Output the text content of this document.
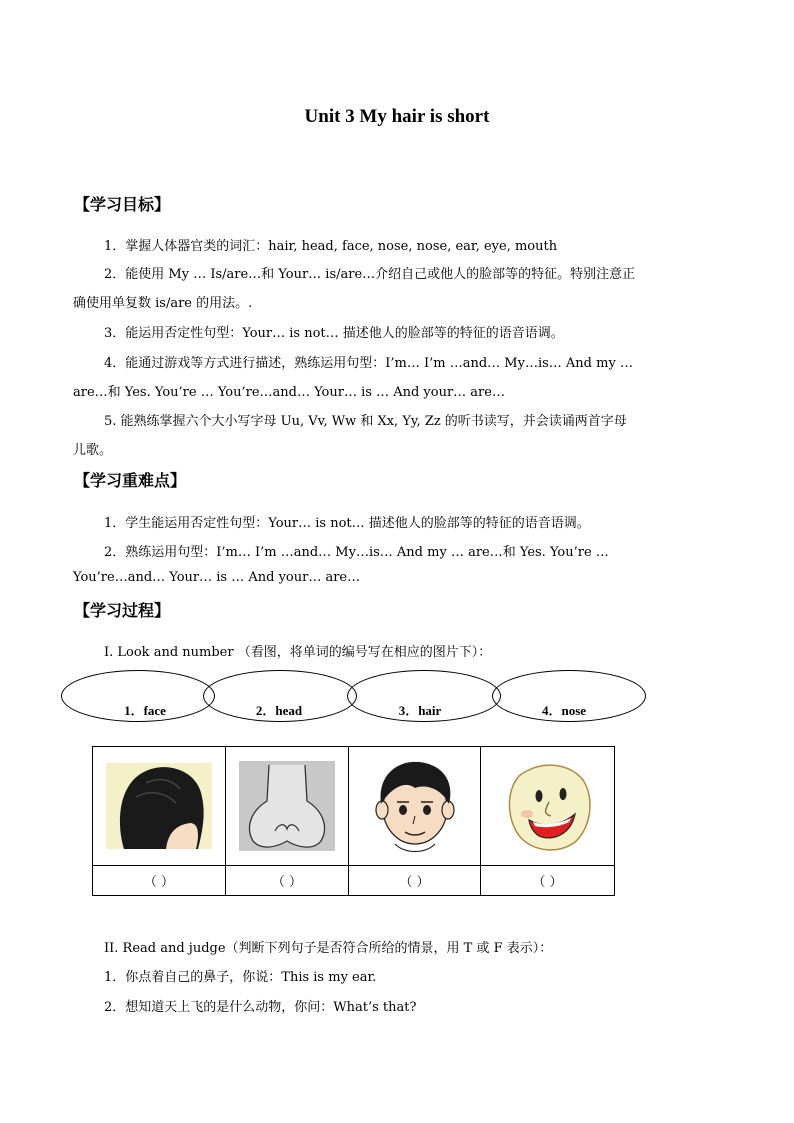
Unit 3 My hair is short
【学习目标】
1．掌握人体器官类的词汇：hair, head, face, nose, nose, ear, eye, mouth
2．能使用 My … Is/are…和 Your… is/are…介绍自己或他人的脸部等的特征。特别注意正
确使用单复数 is/are 的用法。.
3．能运用否定性句型：Your… is not… 描述他人的脸部等的特征的语音语调。
4．能通过游戏等方式进行描述，熟练运用句型：I’m… I’m …and… My…is… And my …
are…和 Yes. You’re … You’re…and… Your… is … And your… are…
5. 能熟练掌握六个大小写字母 Uu, Vv, Ww 和 Xx, Yy, Zz 的听书读写，并会读诵两首字母
儿歌。
【学习重难点】
1．学生能运用否定性句型：Your… is not… 描述他人的脸部等的特征的语音语调。
2．熟练运用句型：I’m… I’m …and… My…is… And my … are…和 Yes. You’re …
You’re…and… Your… is … And your… are…
【学习过程】
I. Look and number （看图，将单词的编号写在相应的图片下）：
1．face	2．head	3．hair	4．nose

（ ）	（ ）	（ ）	（ ）
II. Read and judge（判断下列句子是否符合所给的情景，用 T 或 F 表示）：
1．你点着自己的鼻子，你说：This is my ear.
2．想知道天上飞的是什么动物，你问：What’s that?
